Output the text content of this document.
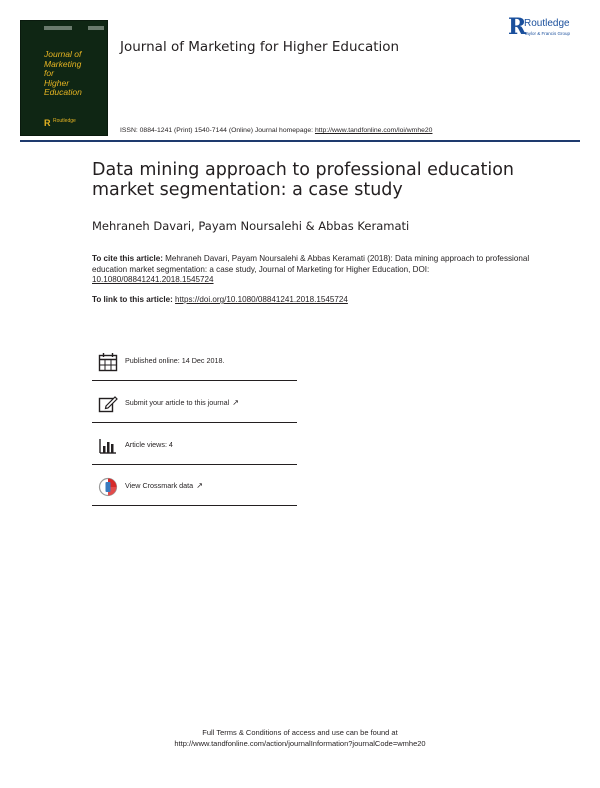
Journal of
Marketing
for
Higher
Education
R Routledge
Journal of Marketing for Higher Education
R
Routledge
Taylor & Francis Group
ISSN: 0884-1241 (Print) 1540-7144 (Online) Journal homepage: http://www.tandfonline.com/loi/wmhe20
Data mining approach to professional education market segmentation: a case study
Mehraneh Davari, Payam Noursalehi & Abbas Keramati
To cite this article: Mehraneh Davari, Payam Noursalehi & Abbas Keramati (2018): Data mining approach to professional education market segmentation: a case study, Journal of Marketing for Higher Education, DOI: 10.1080/08841241.2018.1545724
To link to this article: https://doi.org/10.1080/08841241.2018.1545724
Published online: 14 Dec 2018.
Submit your article to this journal ↗
Article views: 4
View Crossmark data ↗
Full Terms & Conditions of access and use can be found at
http://www.tandfonline.com/action/journalInformation?journalCode=wmhe20
